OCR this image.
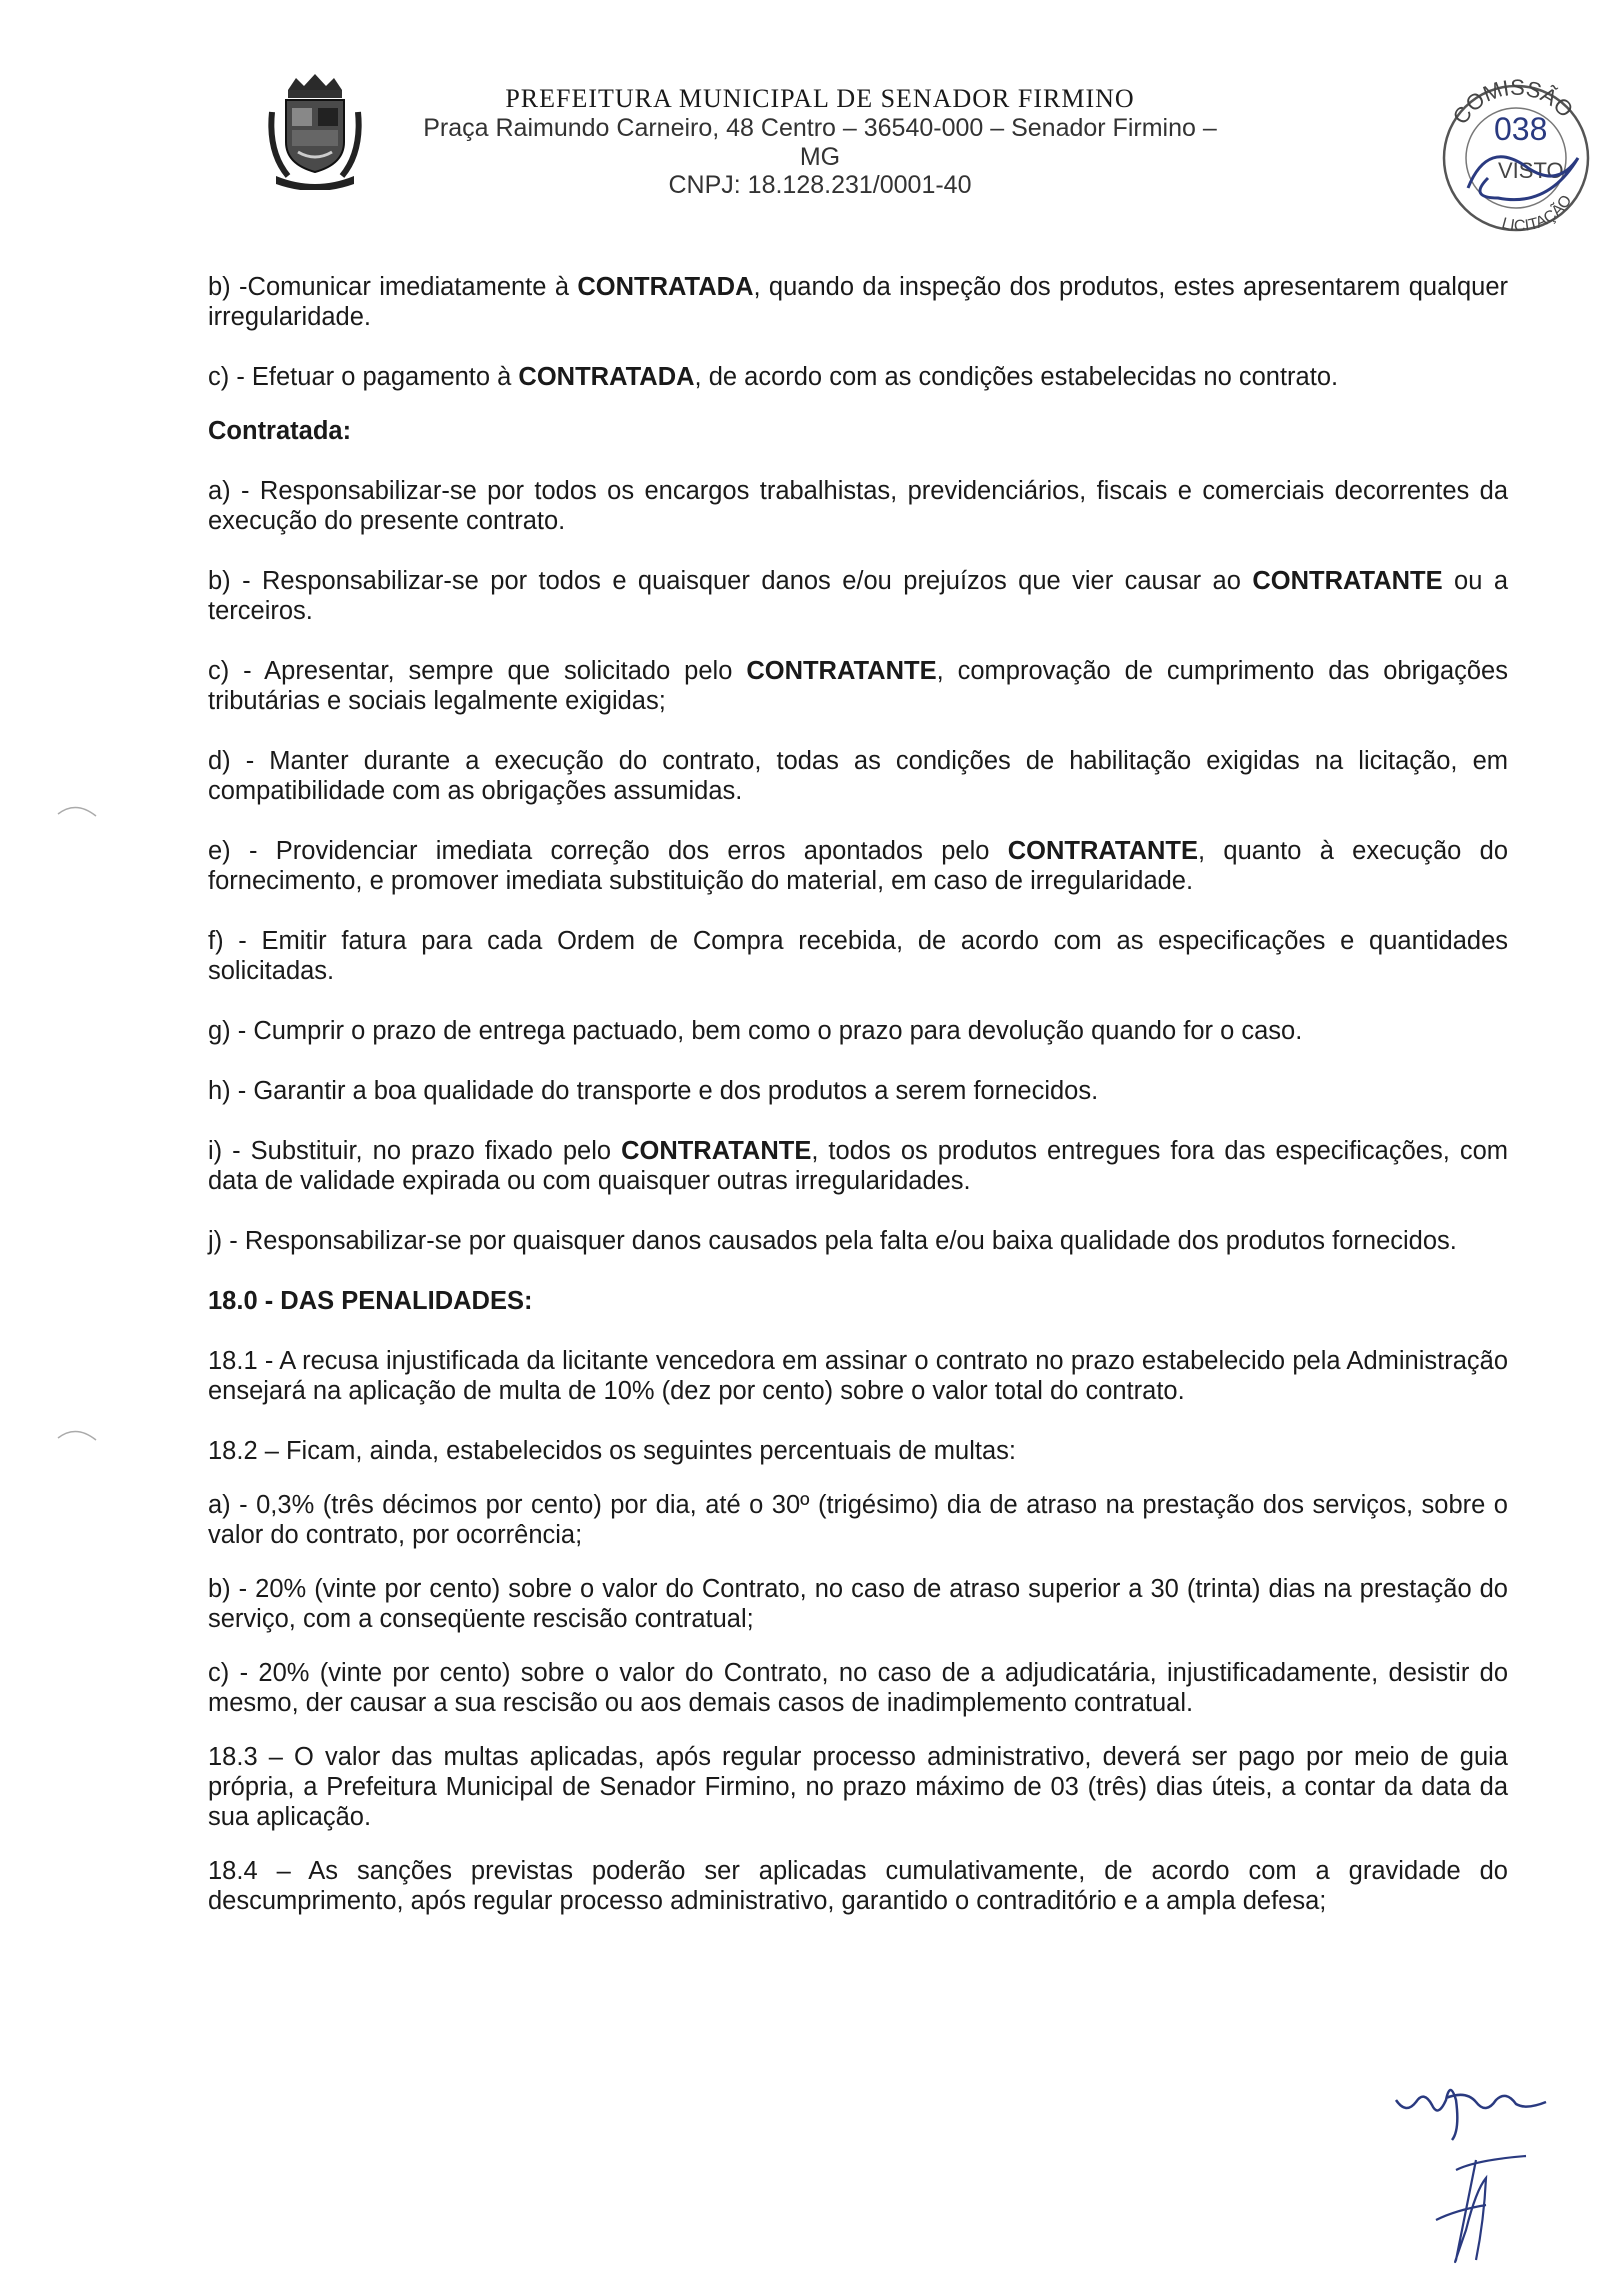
PREFEITURA MUNICIPAL DE SENADOR FIRMINO
Praça Raimundo Carneiro, 48 Centro – 36540-000 – Senador Firmino – MG
CNPJ: 18.128.231/0001-40
COMISSÃO
038
VISTO
LICITAÇÃO

b) -Comunicar imediatamente à CONTRATADA, quando da inspeção dos produtos, estes apresentarem qualquer irregularidade.

c) - Efetuar o pagamento à CONTRATADA, de acordo com as condições estabelecidas no contrato.

Contratada:

a) - Responsabilizar-se por todos os encargos trabalhistas, previdenciários, fiscais e comerciais decorrentes da execução do presente contrato.

b) - Responsabilizar-se por todos e quaisquer danos e/ou prejuízos que vier causar ao CONTRATANTE ou a terceiros.

c) - Apresentar, sempre que solicitado pelo CONTRATANTE, comprovação de cumprimento das obrigações tributárias e sociais legalmente exigidas;

d) - Manter durante a execução do contrato, todas as condições de habilitação exigidas na licitação, em compatibilidade com as obrigações assumidas.

e) - Providenciar imediata correção dos erros apontados pelo CONTRATANTE, quanto à execução do fornecimento, e promover imediata substituição do material, em caso de irregularidade.

f) - Emitir fatura para cada Ordem de Compra recebida, de acordo com as especificações e quantidades solicitadas.

g) - Cumprir o prazo de entrega pactuado, bem como o prazo para devolução quando for o caso.

h) - Garantir a boa qualidade do transporte e dos produtos a serem fornecidos.

i) - Substituir, no prazo fixado pelo CONTRATANTE, todos os produtos entregues fora das especificações, com data de validade expirada ou com quaisquer outras irregularidades.

j) - Responsabilizar-se por quaisquer danos causados pela falta e/ou baixa qualidade dos produtos fornecidos.

18.0 - DAS PENALIDADES:

18.1 - A recusa injustificada da licitante vencedora em assinar o contrato no prazo estabelecido pela Administração ensejará na aplicação de multa de 10% (dez por cento) sobre o valor total do contrato.

18.2 – Ficam, ainda, estabelecidos os seguintes percentuais de multas:

a) - 0,3% (três décimos por cento) por dia, até o 30º (trigésimo) dia de atraso na prestação dos serviços, sobre o valor do contrato, por ocorrência;

b) - 20% (vinte por cento) sobre o valor do Contrato, no caso de atraso superior a 30 (trinta) dias na prestação do serviço, com a conseqüente rescisão contratual;

c) - 20% (vinte por cento) sobre o valor do Contrato, no caso de a adjudicatária, injustificadamente, desistir do mesmo, der causar a sua rescisão ou aos demais casos de inadimplemento contratual.

18.3 – O valor das multas aplicadas, após regular processo administrativo, deverá ser pago por meio de guia própria, a Prefeitura Municipal de Senador Firmino, no prazo máximo de 03 (três) dias úteis, a contar da data da sua aplicação.

18.4 – As sanções previstas poderão ser aplicadas cumulativamente, de acordo com a gravidade do descumprimento, após regular processo administrativo, garantido o contraditório e a ampla defesa;
